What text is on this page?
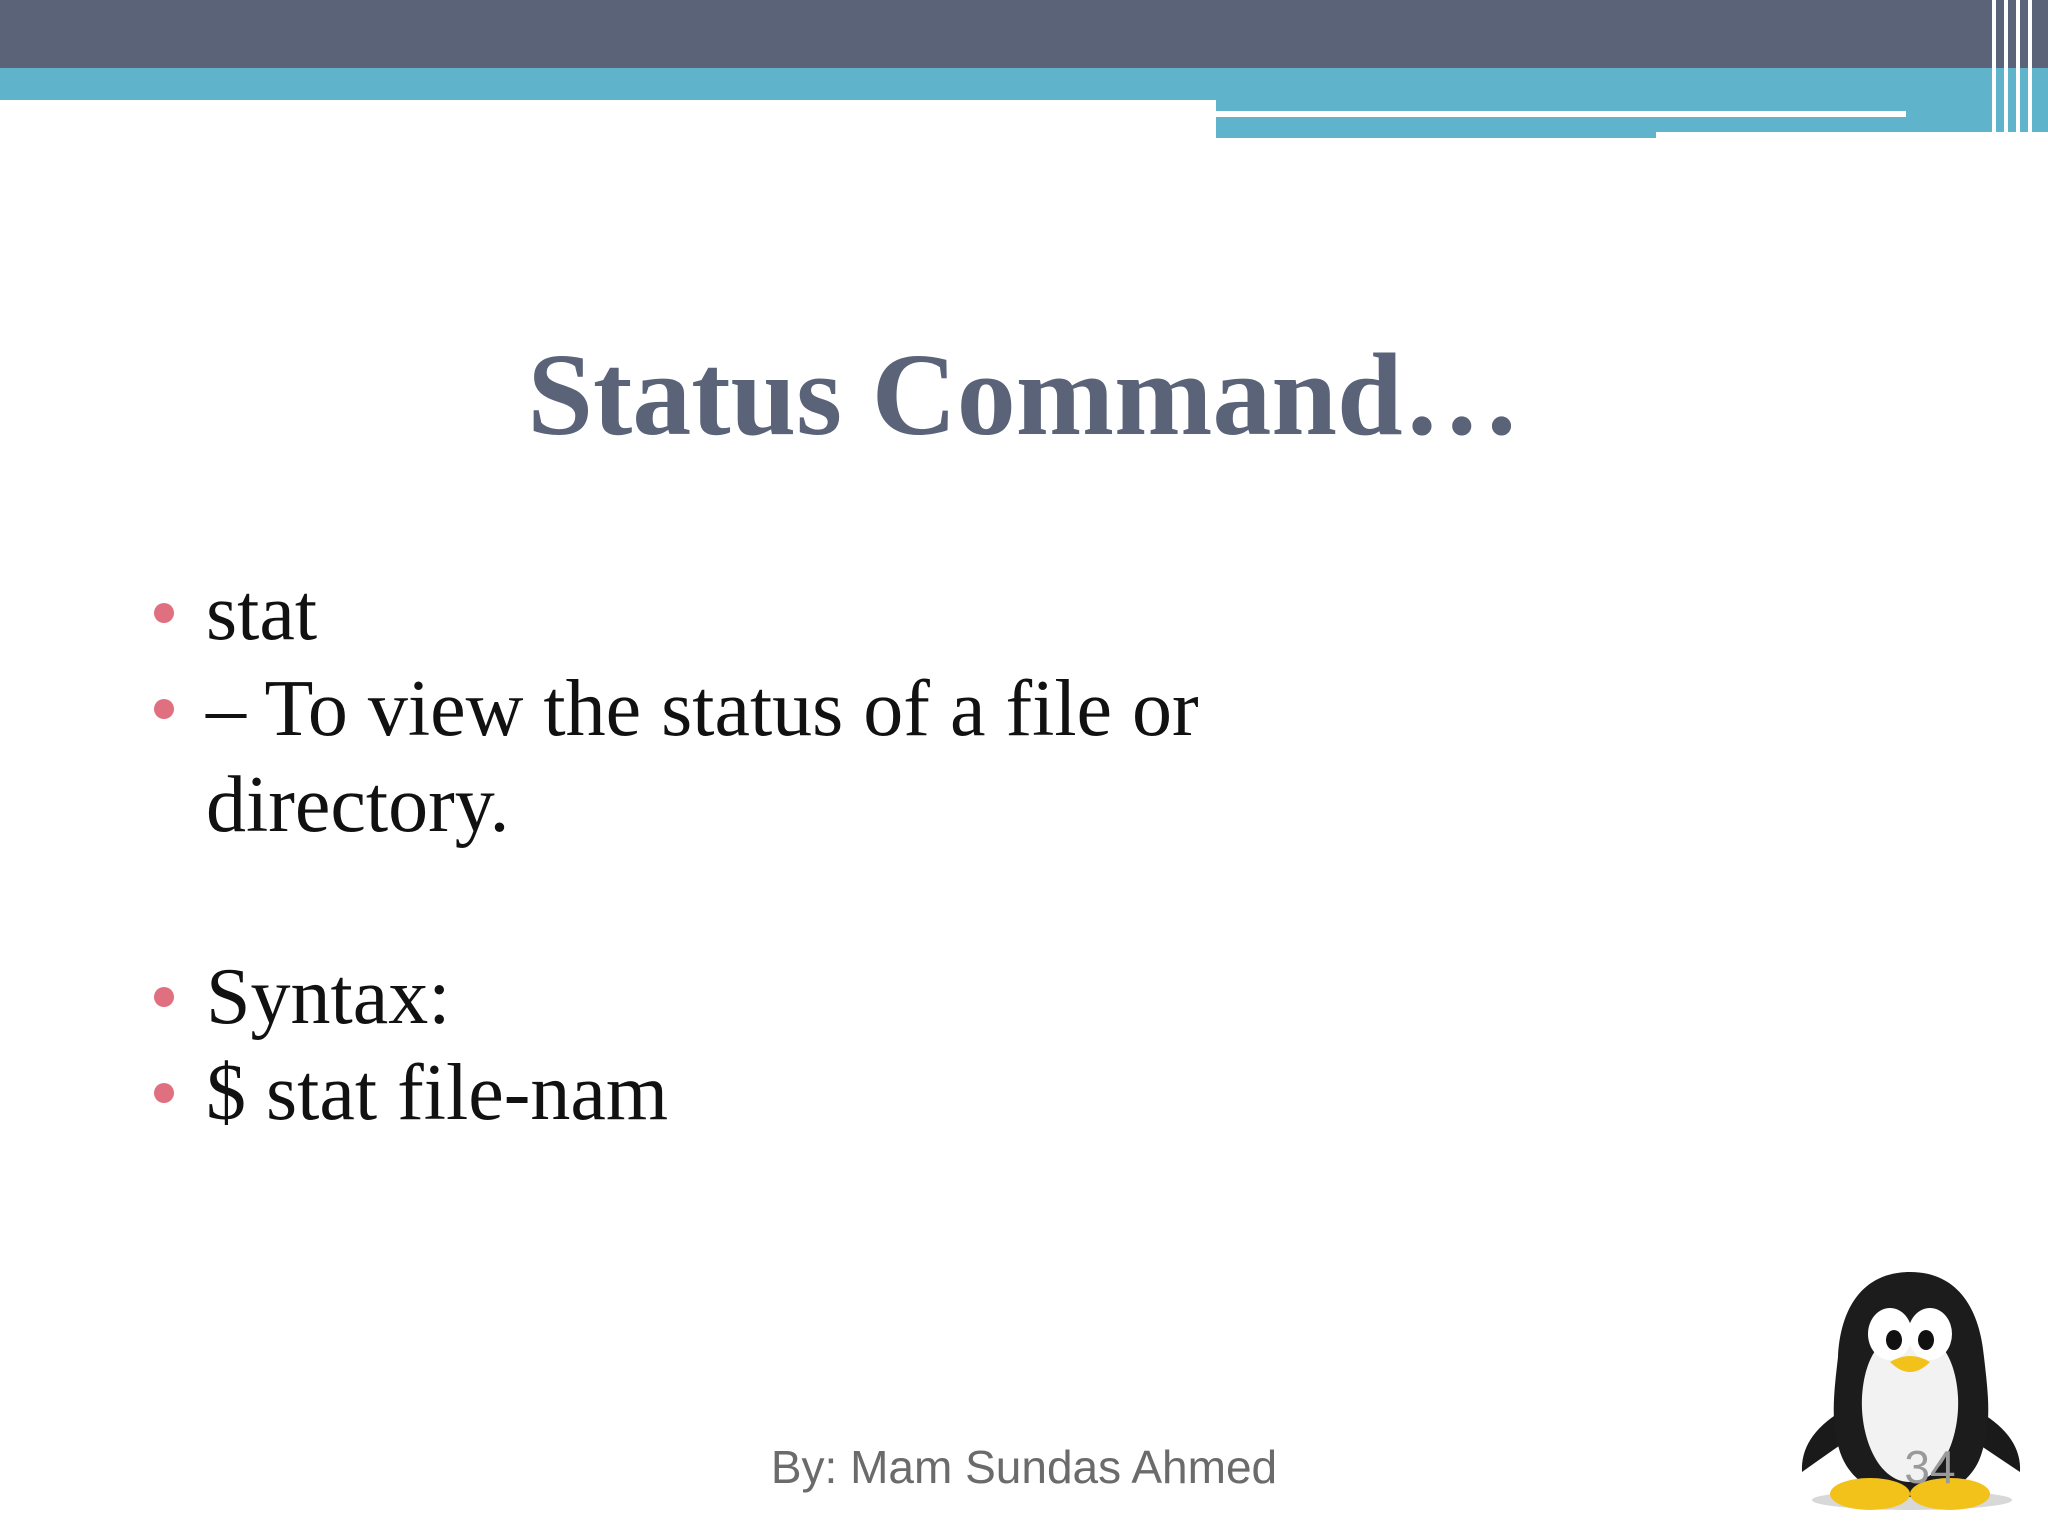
Status Command…
stat
– To view the status of a file or directory.
Syntax:
$ stat file-nam
By: Mam Sundas Ahmed	34
